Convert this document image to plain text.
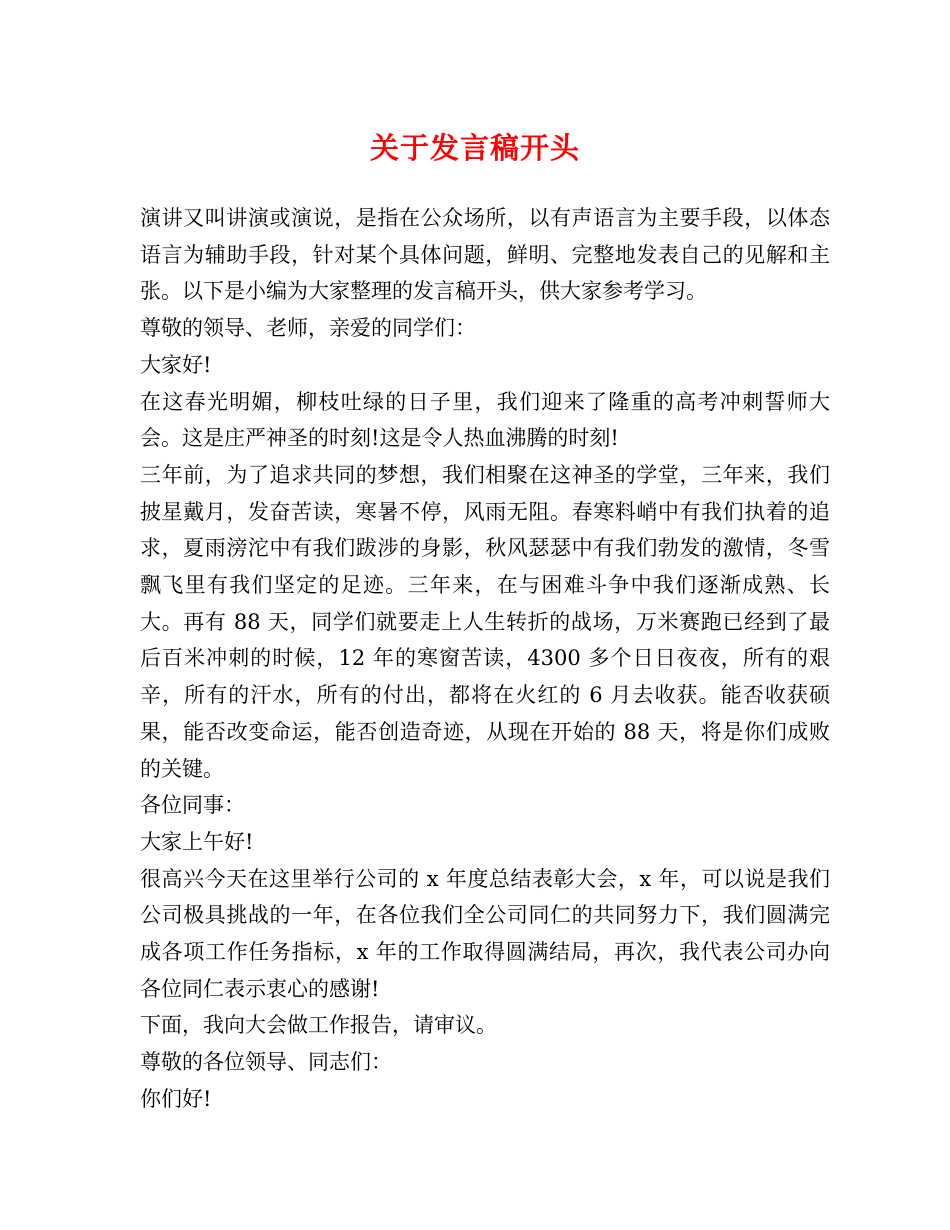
关于发言稿开头

演讲又叫讲演或演说，是指在公众场所，以有声语言为主要手段，以体态语言为辅助手段，针对某个具体问题，鲜明、完整地发表自己的见解和主张。以下是小编为大家整理的发言稿开头，供大家参考学习。

尊敬的领导、老师，亲爱的同学们：

大家好!

在这春光明媚，柳枝吐绿的日子里，我们迎来了隆重的高考冲刺誓师大会。这是庄严神圣的时刻!这是令人热血沸腾的时刻!

三年前，为了追求共同的梦想，我们相聚在这神圣的学堂，三年来，我们披星戴月，发奋苦读，寒暑不停，风雨无阻。春寒料峭中有我们执着的追求，夏雨滂沱中有我们跋涉的身影，秋风瑟瑟中有我们勃发的激情，冬雪飘飞里有我们坚定的足迹。三年来，在与困难斗争中我们逐渐成熟、长大。再有 88 天，同学们就要走上人生转折的战场，万米赛跑已经到了最后百米冲刺的时候，12 年的寒窗苦读，4300 多个日日夜夜，所有的艰辛，所有的汗水，所有的付出，都将在火红的 6 月去收获。能否收获硕果，能否改变命运，能否创造奇迹，从现在开始的 88 天，将是你们成败的关键。

各位同事：

大家上午好!

很高兴今天在这里举行公司的 x 年度总结表彰大会，x 年，可以说是我们公司极具挑战的一年，在各位我们全公司同仁的共同努力下，我们圆满完成各项工作任务指标，x 年的工作取得圆满结局，再次，我代表公司办向各位同仁表示衷心的感谢!

下面，我向大会做工作报告，请审议。

尊敬的各位领导、同志们：

你们好!
